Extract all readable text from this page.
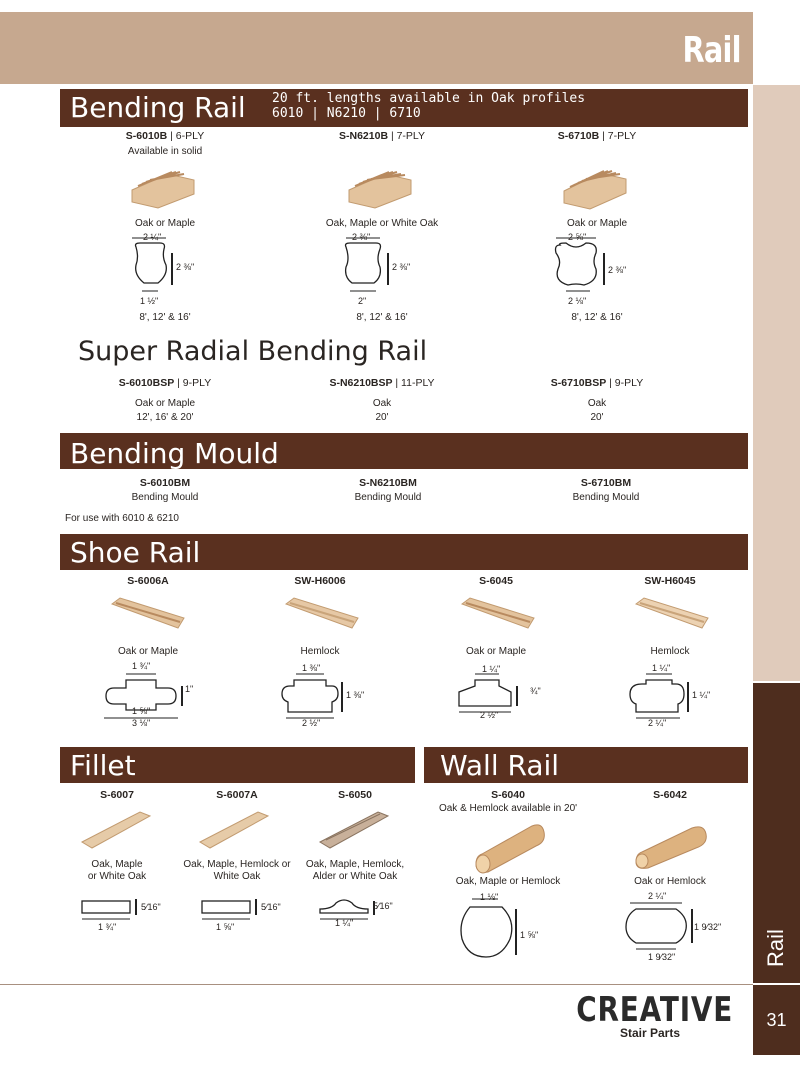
Rail
Rail
31
Bending Rail 20 ft. lengths available in Oak profiles
6010 | N6210 | 6710
S-6010B | 6-PLY
Available in solid
Oak or Maple
2 ¼"
2 ⅜"
1 ½"
8', 12' & 16'
S-N6210B | 7-PLY
Oak, Maple or White Oak
2 ⅜"
2 ⅜"
2"
8', 12' & 16'
S-6710B | 7-PLY
Oak or Maple
2 ⅝"
2 ⅜"
2 ⅛"
8', 12' & 16'
Super Radial Bending Rail
S-6010BSP | 9-PLY
Oak or Maple
12', 16' & 20'
S-N6210BSP | 11-PLY
Oak
20'
S-6710BSP | 9-PLY
Oak
20'
Bending Mould
S-6010BM
Bending Mould
S-N6210BM
Bending Mould
S-6710BM
Bending Mould
For use with 6010 & 6210
Shoe Rail
S-6006A
Oak or Maple
1 ¾"
1"
1 ⅝"
3 ⅛"
SW-H6006
Hemlock
1 ⅜"
1 ⅜"
2 ½"
S-6045
Oak or Maple
1 ¼"
¾"
2 ½"
SW-H6045
Hemlock
1 ¼"
1 ¼"
2 ¼"
Fillet
S-6007
Oak, Maple
or White Oak
5⁄16"
1 ¾"
S-6007A
Oak, Maple, Hemlock or
White Oak
5⁄16"
1 ⅝"
S-6050
Oak, Maple, Hemlock,
Alder or White Oak
5⁄16"
1 ¼"
Wall Rail
S-6040
Oak & Hemlock available in 20'
Oak, Maple or Hemlock
1 ⅛"
1 ⅝"
S-6042
Oak or Hemlock
2 ¼"
1 9⁄32"
1 9⁄32"
CREATIVE
Stair Parts
